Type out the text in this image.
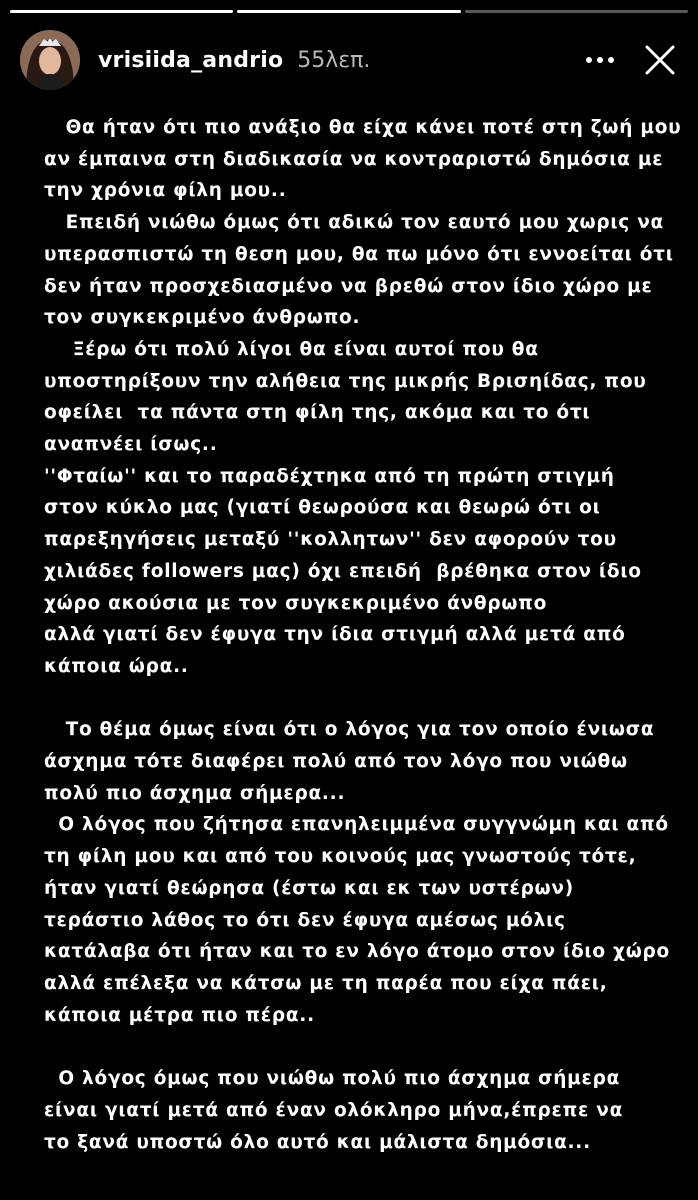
vrisiida_andrio 55λεπ.

Θα ήταν ότι πιο ανάξιο θα είχα κάνει ποτέ στη ζωή μου
αν έμπαινα στη διαδικασία να κοντραριστώ δημόσια με
την χρόνια φίλη μου..
Επειδή νιώθω όμως ότι αδικώ τον εαυτό μου χωρις να
υπερασπιστώ τη θεση μου, θα πω μόνο ότι εννοείται ότι
δεν ήταν προσχεδιασμένο να βρεθώ στον ίδιο χώρο με
τον συγκεκριμένο άνθρωπο.
Ξέρω ότι πολύ λίγοι θα είναι αυτοί που θα
υποστηρίξουν την αλήθεια της μικρής Βρισηίδας, που
οφείλει  τα πάντα στη φίλη της, ακόμα και το ότι
αναπνέει ίσως..
''Φταίω'' και το παραδέχτηκα από τη πρώτη στιγμή
στον κύκλο μας (γιατί θεωρούσα και θεωρώ ότι οι
παρεξηγήσεις μεταξύ ''κολλητων'' δεν αφορούν του
χιλιάδες followers μας) όχι επειδή  βρέθηκα στον ίδιο
χώρο ακούσια με τον συγκεκριμένο άνθρωπο
αλλά γιατί δεν έφυγα την ίδια στιγμή αλλά μετά από
κάποια ώρα..

Το θέμα όμως είναι ότι ο λόγος για τον οποίο ένιωσα
άσχημα τότε διαφέρει πολύ από τον λόγο που νιώθω
πολύ πιο άσχημα σήμερα...
Ο λόγος που ζήτησα επανηλειμμένα συγγνώμη και από
τη φίλη μου και από του κοινούς μας γνωστούς τότε,
ήταν γιατί θεώρησα (έστω και εκ των υστέρων)
τεράστιο λάθος το ότι δεν έφυγα αμέσως μόλις
κατάλαβα ότι ήταν και το εν λόγο άτομο στον ίδιο χώρο
αλλά επέλεξα να κάτσω με τη παρέα που είχα πάει,
κάποια μέτρα πιο πέρα..

Ο λόγος όμως που νιώθω πολύ πιο άσχημα σήμερα
είναι γιατί μετά από έναν ολόκληρο μήνα,έπρεπε να
το ξανά υποστώ όλο αυτό και μάλιστα δημόσια...
